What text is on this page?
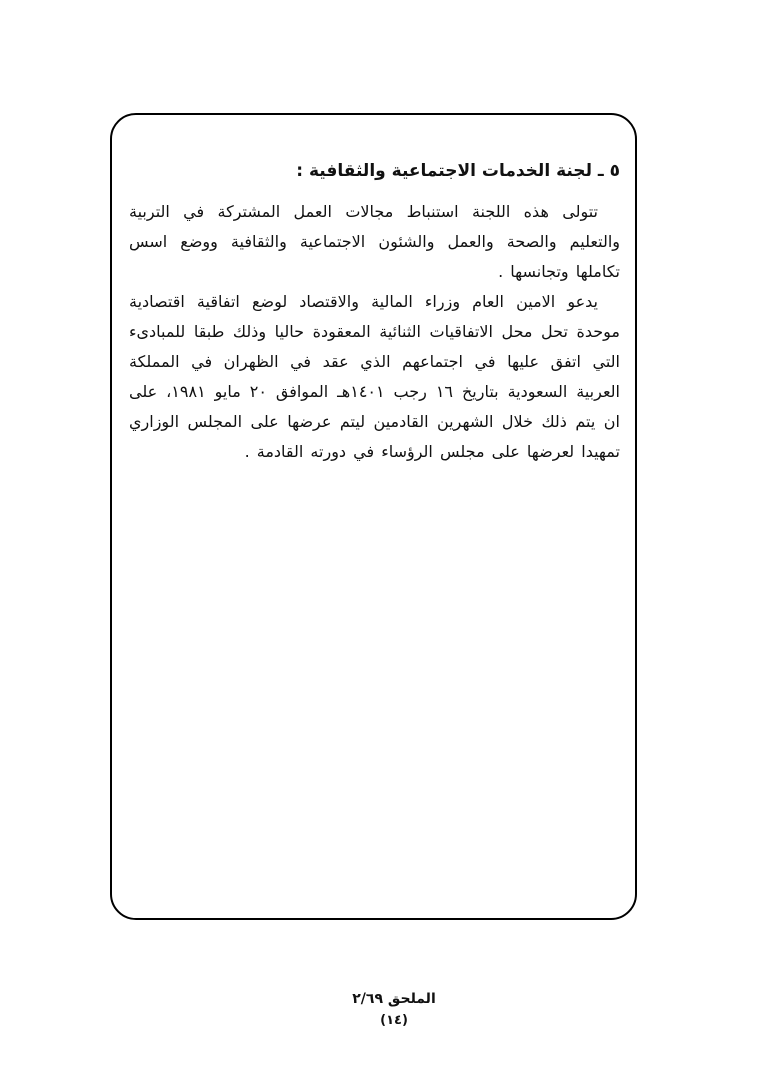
٥ ـ لجنة الخدمات الاجتماعية والثقافية :

تتولى هذه اللجنة استنباط مجالات العمل المشتركة في التربية والتعليم والصحة والعمل والشئون الاجتماعية والثقافية ووضع اسس تكاملها وتجانسها .

يدعو الامين العام وزراء المالية والاقتصاد لوضع اتفاقية اقتصادية موحدة تحل محل الاتفاقيات الثنائية المعقودة حاليا وذلك طبقا للمبادىء التي اتفق عليها في اجتماعهم الذي عقد في الظهران في المملكة العربية السعودية بتاريخ ١٦ رجب ١٤٠١هـ الموافق ٢٠ مايو ١٩٨١، على ان يتم ذلك خلال الشهرين القادمين ليتم عرضها على المجلس الوزاري تمهيدا لعرضها على مجلس الرؤساء في دورته القادمة .

الملحق ٢/٦٩
(١٤)
